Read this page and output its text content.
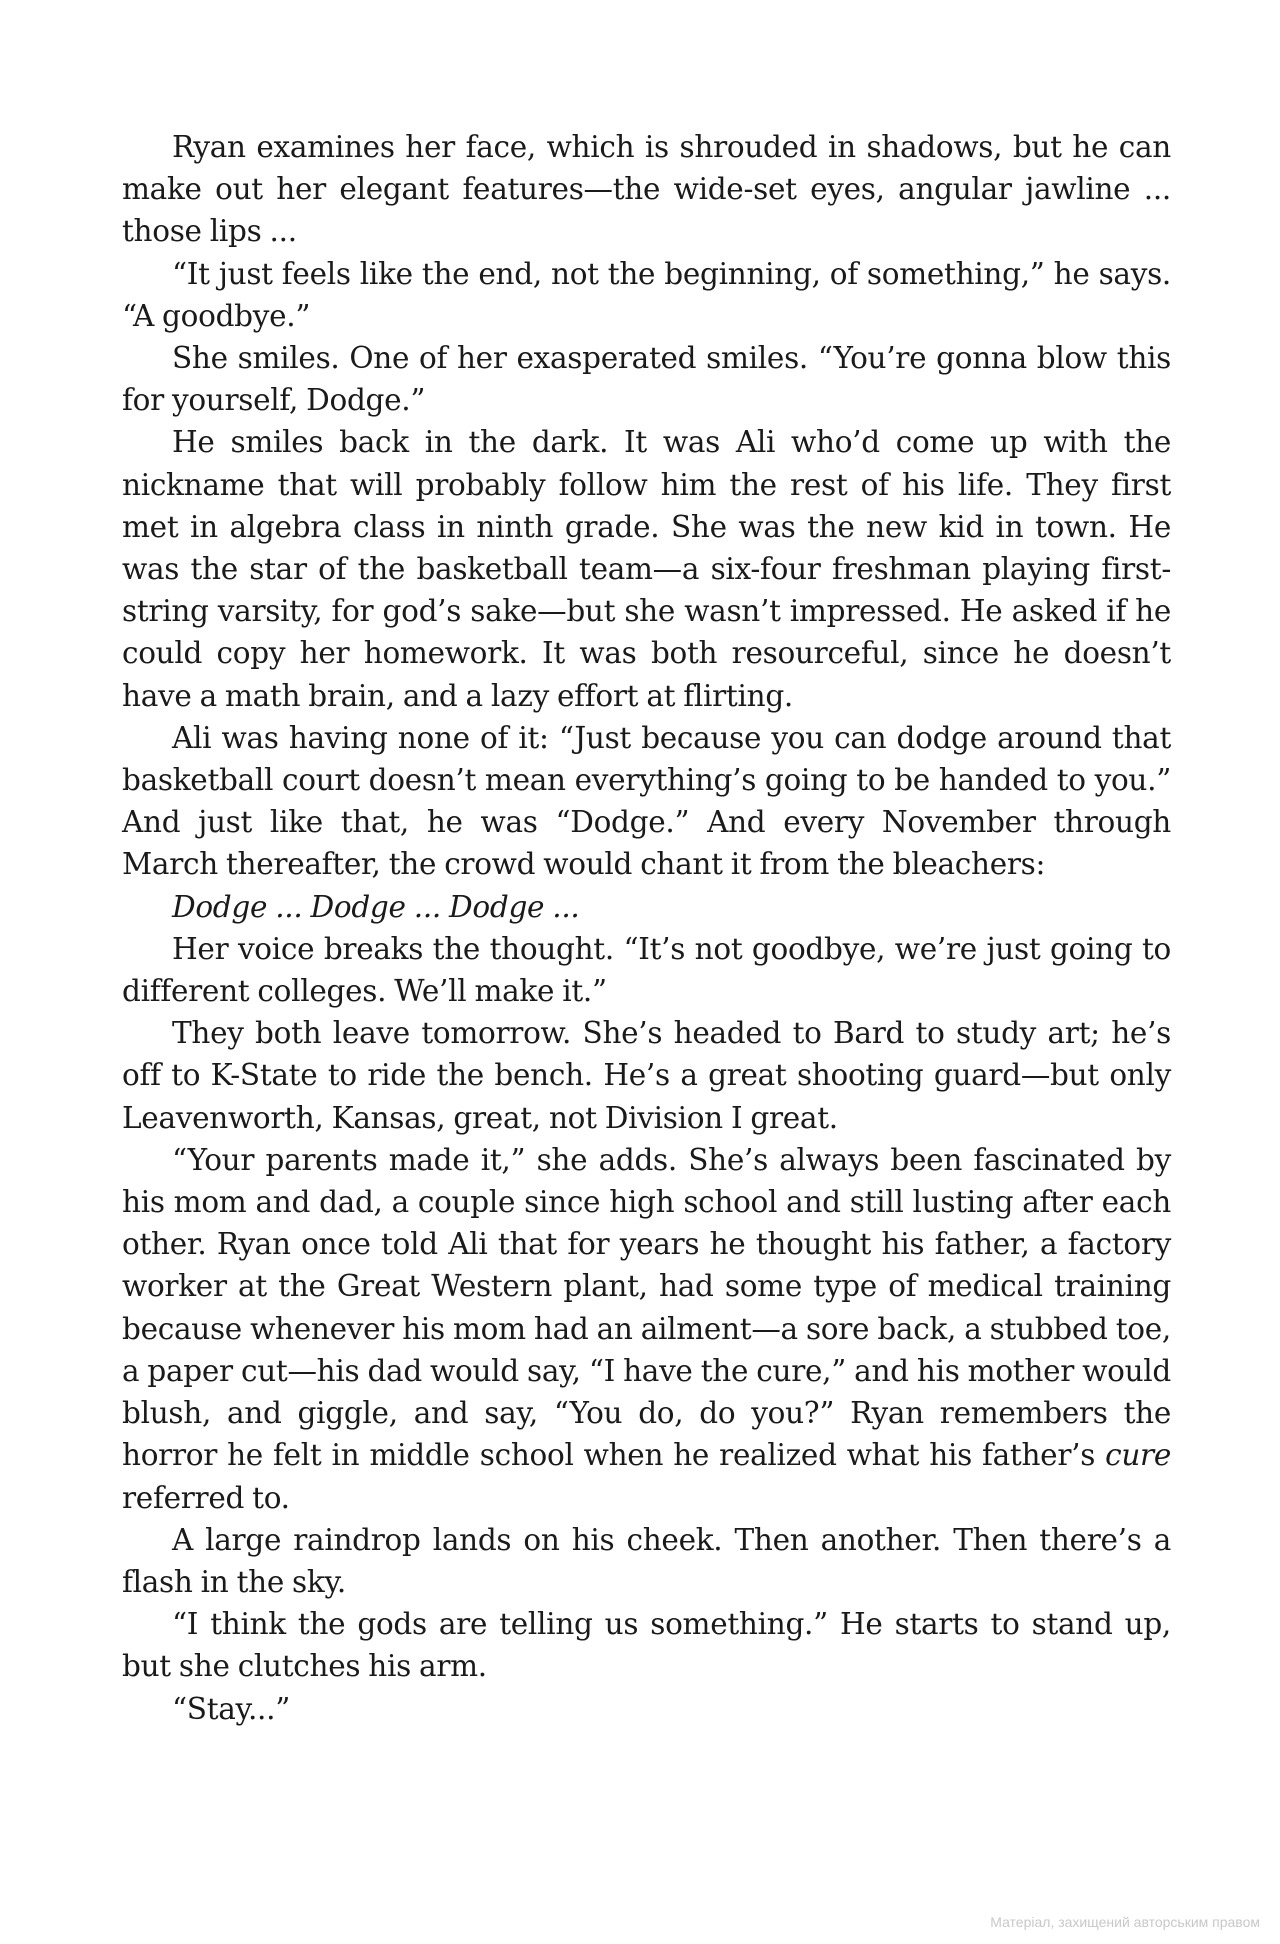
Ryan examines her face, which is shrouded in shadows, but he can make out her elegant features—the wide-set eyes, angular jawline ... those lips ...

“It just feels like the end, not the beginning, of something,” he says. “A goodbye.”

She smiles. One of her exasperated smiles. “You’re gonna blow this for yourself, Dodge.”

He smiles back in the dark. It was Ali who’d come up with the nickname that will probably follow him the rest of his life. They first met in algebra class in ninth grade. She was the new kid in town. He was the star of the basketball team—a six-four freshman playing first-string varsity, for god’s sake—but she wasn’t impressed. He asked if he could copy her homework. It was both resourceful, since he doesn’t have a math brain, and a lazy effort at flirting.

Ali was having none of it: “Just because you can dodge around that basketball court doesn’t mean everything’s going to be handed to you.” And just like that, he was “Dodge.” And every November through March thereafter, the crowd would chant it from the bleachers:

Dodge ... Dodge ... Dodge ...

Her voice breaks the thought. “It’s not goodbye, we’re just going to different colleges. We’ll make it.”

They both leave tomorrow. She’s headed to Bard to study art; he’s off to K-State to ride the bench. He’s a great shooting guard—but only Leavenworth, Kansas, great, not Division I great.

“Your parents made it,” she adds. She’s always been fascinated by his mom and dad, a couple since high school and still lusting after each other. Ryan once told Ali that for years he thought his father, a factory worker at the Great Western plant, had some type of medical training because whenever his mom had an ailment—a sore back, a stubbed toe, a paper cut—his dad would say, “I have the cure,” and his mother would blush, and giggle, and say, “You do, do you?” Ryan remembers the horror he felt in middle school when he realized what his father’s cure referred to.

A large raindrop lands on his cheek. Then another. Then there’s a flash in the sky.

“I think the gods are telling us something.” He starts to stand up, but she clutches his arm.

“Stay...”

Матеріал, захищений авторським правом
